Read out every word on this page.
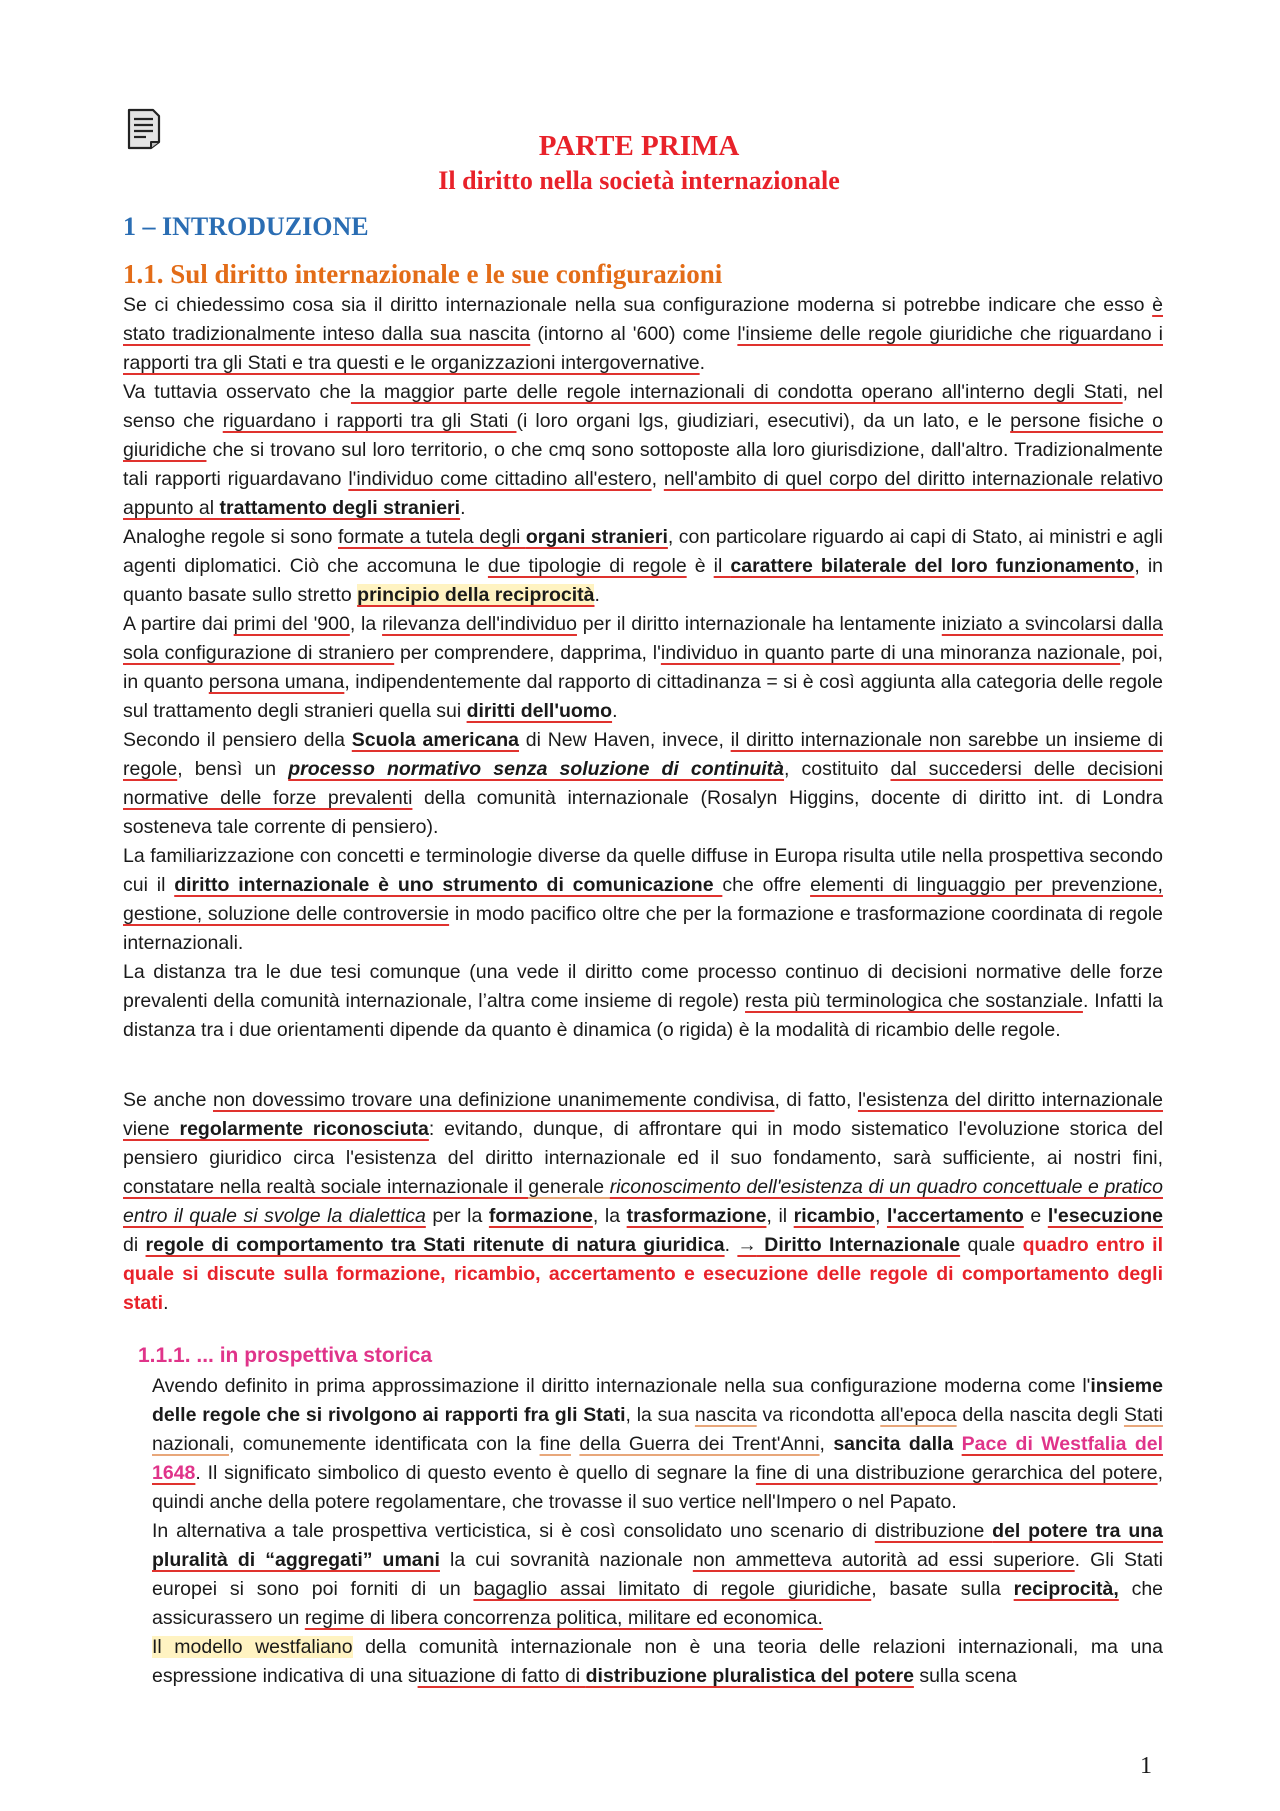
PARTE PRIMA
Il diritto nella società internazionale
1 – INTRODUZIONE
1.1. Sul diritto internazionale e le sue configurazioni

Se ci chiedessimo cosa sia il diritto internazionale nella sua configurazione moderna si potrebbe indicare che esso è stato tradizionalmente inteso dalla sua nascita (intorno al '600) come l'insieme delle regole giuridiche che riguardano i rapporti tra gli Stati e tra questi e le organizzazioni intergovernative.

Va tuttavia osservato che la maggior parte delle regole internazionali di condotta operano all'interno degli Stati, nel senso che riguardano i rapporti tra gli Stati (i loro organi lgs, giudiziari, esecutivi), da un lato, e le persone fisiche o giuridiche che si trovano sul loro territorio, o che cmq sono sottoposte alla loro giurisdizione, dall'altro. Tradizionalmente tali rapporti riguardavano l'individuo come cittadino all'estero, nell'ambito di quel corpo del diritto internazionale relativo appunto al trattamento degli stranieri.

Analoghe regole si sono formate a tutela degli organi stranieri, con particolare riguardo ai capi di Stato, ai ministri e agli agenti diplomatici. Ciò che accomuna le due tipologie di regole è il carattere bilaterale del loro funzionamento, in quanto basate sullo stretto principio della reciprocità.

A partire dai primi del '900, la rilevanza dell'individuo per il diritto internazionale ha lentamente iniziato a svincolarsi dalla sola configurazione di straniero per comprendere, dapprima, l'individuo in quanto parte di una minoranza nazionale, poi, in quanto persona umana, indipendentemente dal rapporto di cittadinanza = si è così aggiunta alla categoria delle regole sul trattamento degli stranieri quella sui diritti dell'uomo.

Secondo il pensiero della Scuola americana di New Haven, invece, il diritto internazionale non sarebbe un insieme di regole, bensì un processo normativo senza soluzione di continuità, costituito dal succedersi delle decisioni normative delle forze prevalenti della comunità internazionale (Rosalyn Higgins, docente di diritto int. di Londra sosteneva tale corrente di pensiero).

La familiarizzazione con concetti e terminologie diverse da quelle diffuse in Europa risulta utile nella prospettiva secondo cui il diritto internazionale è uno strumento di comunicazione che offre elementi di linguaggio per prevenzione, gestione, soluzione delle controversie in modo pacifico oltre che per la formazione e trasformazione coordinata di regole internazionali.

La distanza tra le due tesi comunque (una vede il diritto come processo continuo di decisioni normative delle forze prevalenti della comunità internazionale, l’altra come insieme di regole) resta più terminologica che sostanziale. Infatti la distanza tra i due orientamenti dipende da quanto è dinamica (o rigida) è la modalità di ricambio delle regole.

Se anche non dovessimo trovare una definizione unanimemente condivisa, di fatto, l'esistenza del diritto internazionale viene regolarmente riconosciuta: evitando, dunque, di affrontare qui in modo sistematico l'evoluzione storica del pensiero giuridico circa l'esistenza del diritto internazionale ed il suo fondamento, sarà sufficiente, ai nostri fini, constatare nella realtà sociale internazionale il generale riconoscimento dell'esistenza di un quadro concettuale e pratico entro il quale si svolge la dialettica per la formazione, la trasformazione, il ricambio, l'accertamento e l'esecuzione di regole di comportamento tra Stati ritenute di natura giuridica. → Diritto Internazionale quale quadro entro il quale si discute sulla formazione, ricambio, accertamento e esecuzione delle regole di comportamento degli stati.

1.1.1. ... in prospettiva storica

Avendo definito in prima approssimazione il diritto internazionale nella sua configurazione moderna come l'insieme delle regole che si rivolgono ai rapporti fra gli Stati, la sua nascita va ricondotta all'epoca della nascita degli Stati nazionali, comunemente identificata con la fine della Guerra dei Trent'Anni, sancita dalla Pace di Westfalia del 1648. Il significato simbolico di questo evento è quello di segnare la fine di una distribuzione gerarchica del potere, quindi anche della potere regolamentare, che trovasse il suo vertice nell'Impero o nel Papato.

In alternativa a tale prospettiva verticistica, si è così consolidato uno scenario di distribuzione del potere tra una pluralità di “aggregati” umani la cui sovranità nazionale non ammetteva autorità ad essi superiore. Gli Stati europei si sono poi forniti di un bagaglio assai limitato di regole giuridiche, basate sulla reciprocità, che assicurassero un regime di libera concorrenza politica, militare ed economica.

Il modello westfaliano della comunità internazionale non è una teoria delle relazioni internazionali, ma una espressione indicativa di una situazione di fatto di distribuzione pluralistica del potere sulla scena

1
